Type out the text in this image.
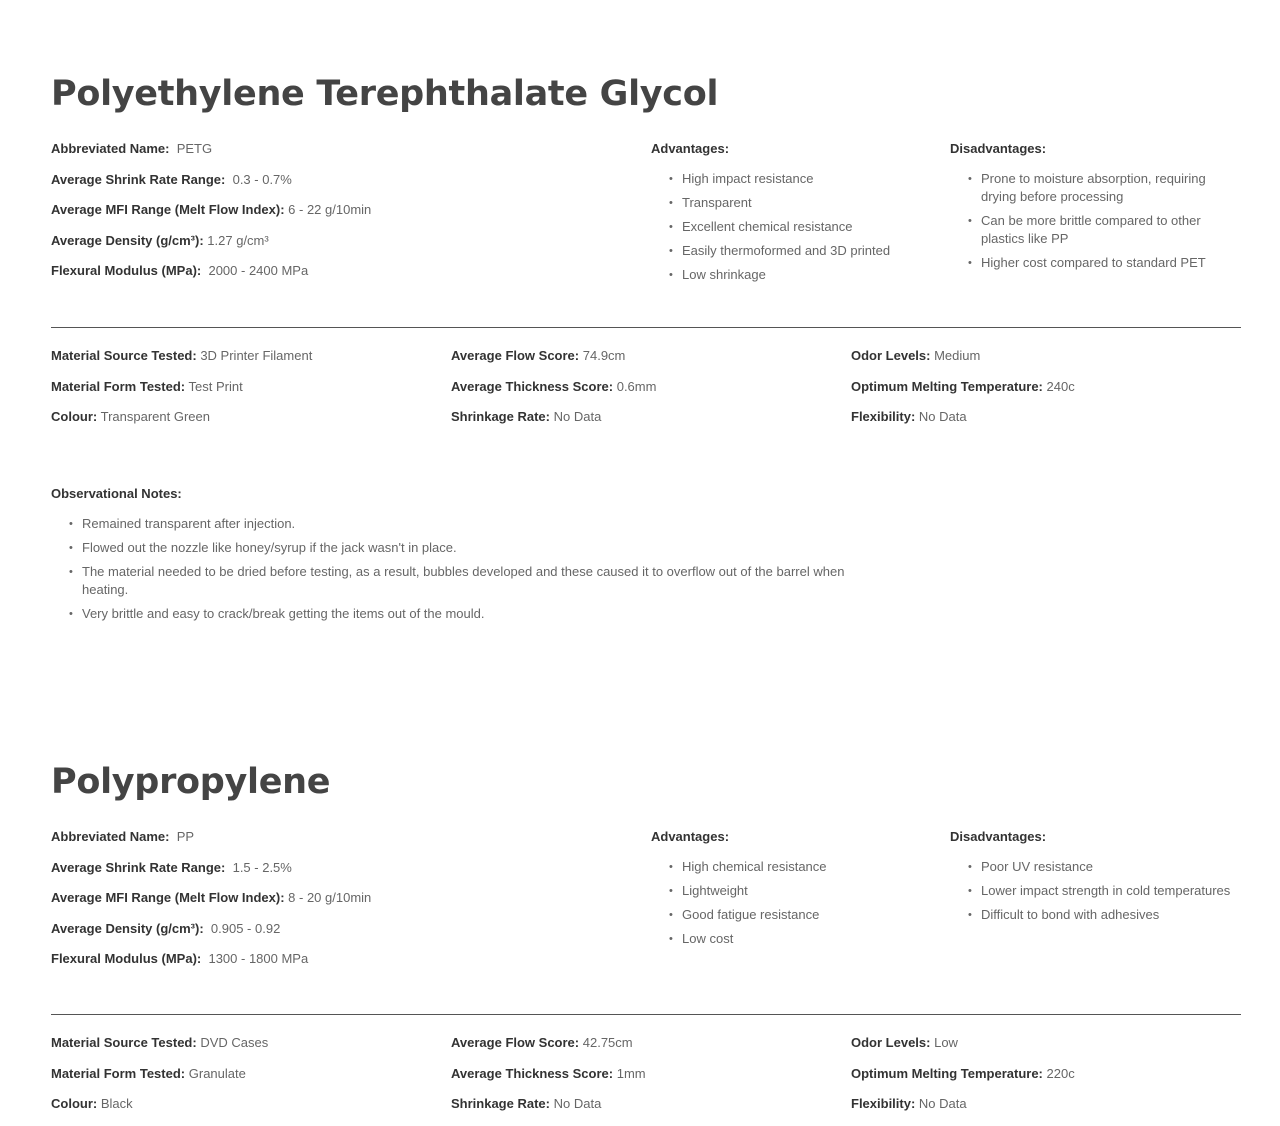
Polyethylene Terephthalate Glycol
Abbreviated Name: PETG
Average Shrink Rate Range: 0.3 - 0.7%
Average MFI Range (Melt Flow Index): 6 - 22 g/10min
Average Density (g/cm³): 1.27 g/cm³
Flexural Modulus (MPa): 2000 - 2400 MPa
Advantages:
• High impact resistance
• Transparent
• Excellent chemical resistance
• Easily thermoformed and 3D printed
• Low shrinkage
Disadvantages:
• Prone to moisture absorption, requiring drying before processing
• Can be more brittle compared to other plastics like PP
• Higher cost compared to standard PET
Material Source Tested: 3D Printer Filament
Material Form Tested: Test Print
Colour: Transparent Green
Average Flow Score: 74.9cm
Average Thickness Score: 0.6mm
Shrinkage Rate: No Data
Odor Levels: Medium
Optimum Melting Temperature: 240c
Flexibility: No Data
Observational Notes:
• Remained transparent after injection.
• Flowed out the nozzle like honey/syrup if the jack wasn't in place.
• The material needed to be dried before testing, as a result, bubbles developed and these caused it to overflow out of the barrel when heating.
• Very brittle and easy to crack/break getting the items out of the mould.
Polypropylene
Abbreviated Name: PP
Average Shrink Rate Range: 1.5 - 2.5%
Average MFI Range (Melt Flow Index): 8 - 20 g/10min
Average Density (g/cm³): 0.905 - 0.92
Flexural Modulus (MPa): 1300 - 1800 MPa
Advantages:
• High chemical resistance
• Lightweight
• Good fatigue resistance
• Low cost
Disadvantages:
• Poor UV resistance
• Lower impact strength in cold temperatures
• Difficult to bond with adhesives
Material Source Tested: DVD Cases
Material Form Tested: Granulate
Colour: Black
Average Flow Score: 42.75cm
Average Thickness Score: 1mm
Shrinkage Rate: No Data
Odor Levels: Low
Optimum Melting Temperature: 220c
Flexibility: No Data
